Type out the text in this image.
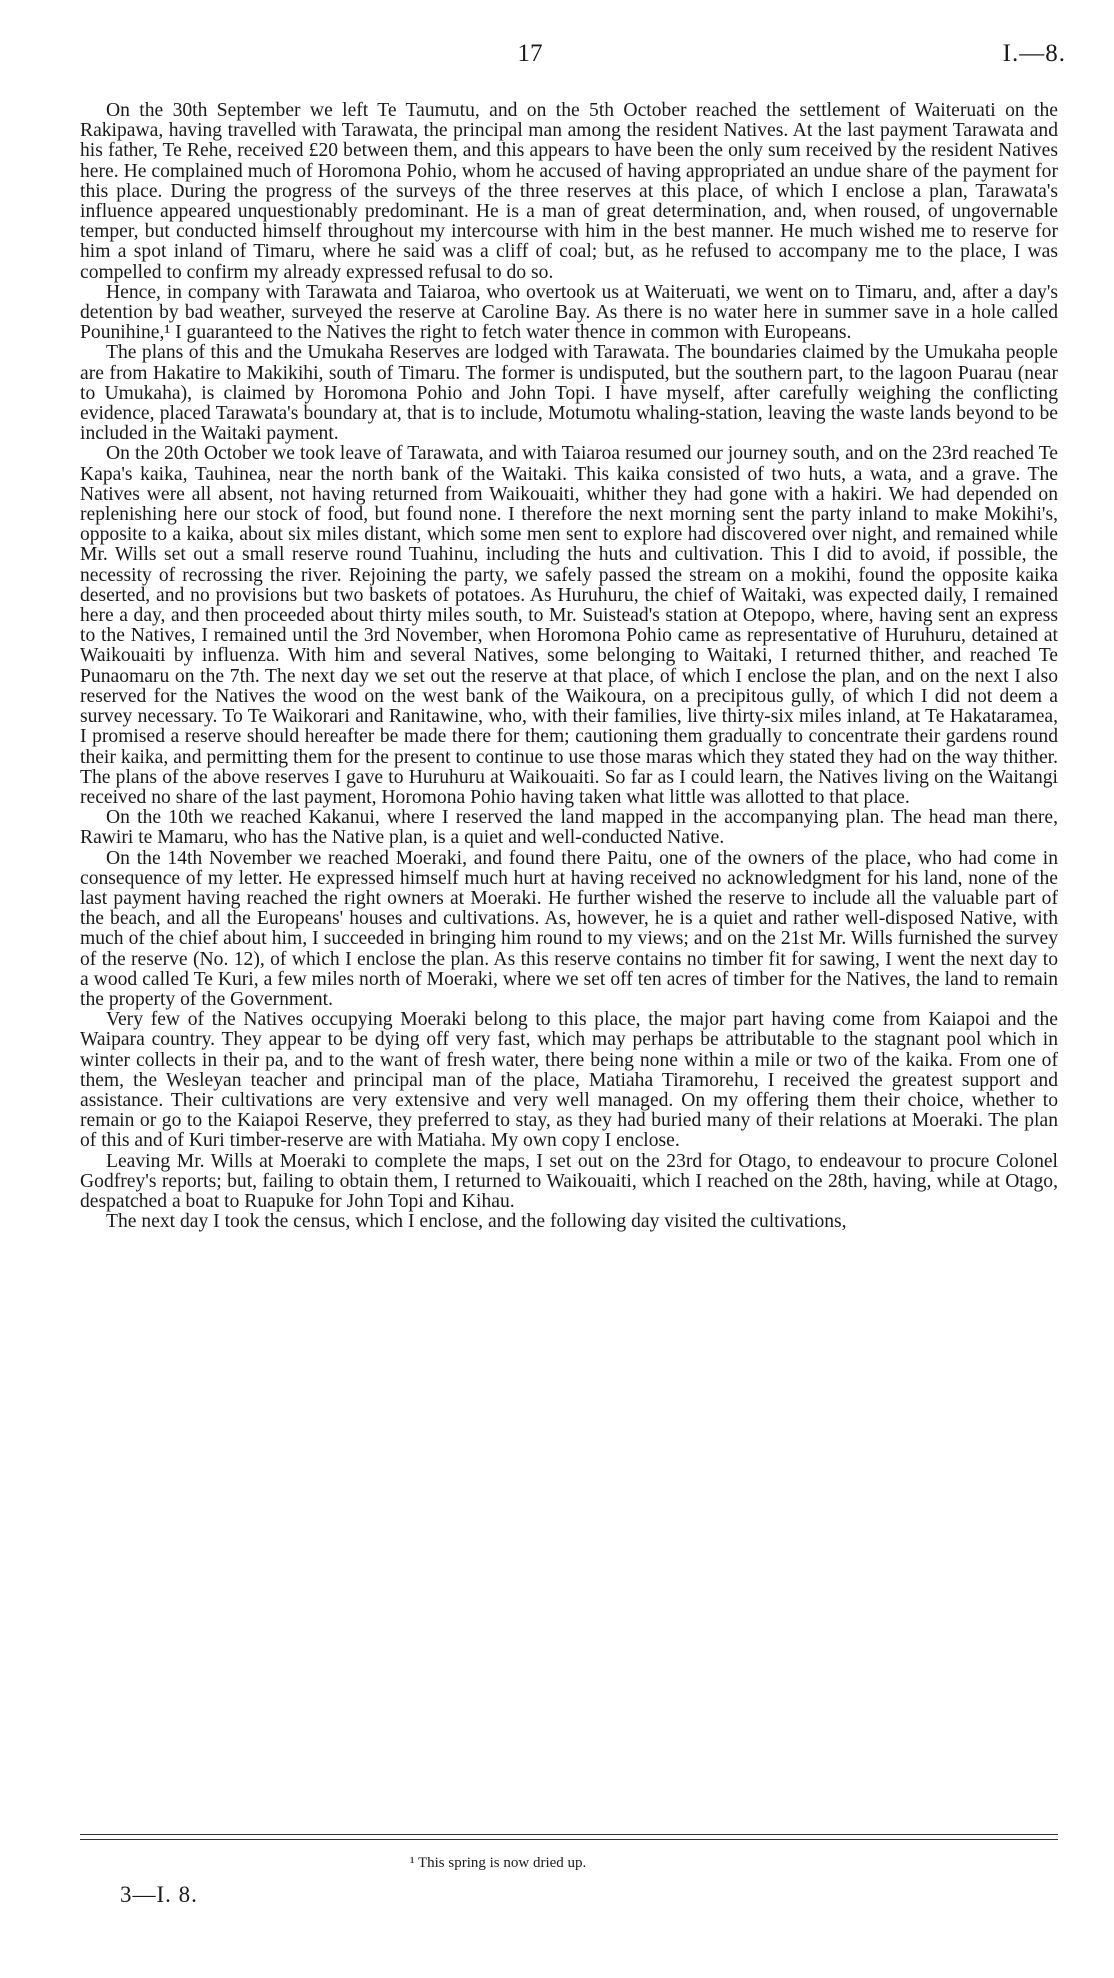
17	I.—8.

On the 30th September we left Te Taumutu, and on the 5th October reached the settlement of Waiteruati on the Rakipawa, having travelled with Tarawata, the principal man among the resident Natives. At the last payment Tarawata and his father, Te Rehe, received £20 between them, and this appears to have been the only sum received by the resident Natives here. He complained much of Horomona Pohio, whom he accused of having appropriated an undue share of the payment for this place. During the progress of the surveys of the three reserves at this place, of which I enclose a plan, Tarawata's influence appeared unquestionably predominant. He is a man of great determination, and, when roused, of ungovernable temper, but conducted himself throughout my intercourse with him in the best manner. He much wished me to reserve for him a spot inland of Timaru, where he said was a cliff of coal; but, as he refused to accompany me to the place, I was compelled to confirm my already expressed refusal to do so.

Hence, in company with Tarawata and Taiaroa, who overtook us at Waiteruati, we went on to Timaru, and, after a day's detention by bad weather, surveyed the reserve at Caroline Bay. As there is no water here in summer save in a hole called Pounihine,¹ I guaranteed to the Natives the right to fetch water thence in common with Europeans.

The plans of this and the Umukaha Reserves are lodged with Tarawata. The boundaries claimed by the Umukaha people are from Hakatire to Makikihi, south of Timaru. The former is undisputed, but the southern part, to the lagoon Puarau (near to Umukaha), is claimed by Horomona Pohio and John Topi. I have myself, after carefully weighing the conflicting evidence, placed Tarawata's boundary at, that is to include, Motumotu whaling-station, leaving the waste lands beyond to be included in the Waitaki payment.

On the 20th October we took leave of Tarawata, and with Taiaroa resumed our journey south, and on the 23rd reached Te Kapa's kaika, Tauhinea, near the north bank of the Waitaki. This kaika consisted of two huts, a wata, and a grave. The Natives were all absent, not having returned from Waikouaiti, whither they had gone with a hakiri. We had depended on replenishing here our stock of food, but found none. I therefore the next morning sent the party inland to make Mokihi's, opposite to a kaika, about six miles distant, which some men sent to explore had discovered over night, and remained while Mr. Wills set out a small reserve round Tuahinu, including the huts and cultivation. This I did to avoid, if possible, the necessity of recrossing the river. Rejoining the party, we safely passed the stream on a mokihi, found the opposite kaika deserted, and no provisions but two baskets of potatoes. As Huruhuru, the chief of Waitaki, was expected daily, I remained here a day, and then proceeded about thirty miles south, to Mr. Suistead's station at Otepopo, where, having sent an express to the Natives, I remained until the 3rd November, when Horomona Pohio came as representative of Huruhuru, detained at Waikouaiti by influenza. With him and several Natives, some belonging to Waitaki, I returned thither, and reached Te Punaomaru on the 7th. The next day we set out the reserve at that place, of which I enclose the plan, and on the next I also reserved for the Natives the wood on the west bank of the Waikoura, on a precipitous gully, of which I did not deem a survey necessary. To Te Waikorari and Ranitawine, who, with their families, live thirty-six miles inland, at Te Hakataramea, I promised a reserve should hereafter be made there for them; cautioning them gradually to concentrate their gardens round their kaika, and permitting them for the present to continue to use those maras which they stated they had on the way thither. The plans of the above reserves I gave to Huruhuru at Waikouaiti. So far as I could learn, the Natives living on the Waitangi received no share of the last payment, Horomona Pohio having taken what little was allotted to that place.

On the 10th we reached Kakanui, where I reserved the land mapped in the accompanying plan. The head man there, Rawiri te Mamaru, who has the Native plan, is a quiet and well-conducted Native.

On the 14th November we reached Moeraki, and found there Paitu, one of the owners of the place, who had come in consequence of my letter. He expressed himself much hurt at having received no acknowledgment for his land, none of the last payment having reached the right owners at Moeraki. He further wished the reserve to include all the valuable part of the beach, and all the Europeans' houses and cultivations. As, however, he is a quiet and rather well-disposed Native, with much of the chief about him, I succeeded in bringing him round to my views; and on the 21st Mr. Wills furnished the survey of the reserve (No. 12), of which I enclose the plan. As this reserve contains no timber fit for sawing, I went the next day to a wood called Te Kuri, a few miles north of Moeraki, where we set off ten acres of timber for the Natives, the land to remain the property of the Government.

Very few of the Natives occupying Moeraki belong to this place, the major part having come from Kaiapoi and the Waipara country. They appear to be dying off very fast, which may perhaps be attributable to the stagnant pool which in winter collects in their pa, and to the want of fresh water, there being none within a mile or two of the kaika. From one of them, the Wesleyan teacher and principal man of the place, Matiaha Tiramorehu, I received the greatest support and assistance. Their cultivations are very extensive and very well managed. On my offering them their choice, whether to remain or go to the Kaiapoi Reserve, they preferred to stay, as they had buried many of their relations at Moeraki. The plan of this and of Kuri timber-reserve are with Matiaha. My own copy I enclose.

Leaving Mr. Wills at Moeraki to complete the maps, I set out on the 23rd for Otago, to endeavour to procure Colonel Godfrey's reports; but, failing to obtain them, I returned to Waikouaiti, which I reached on the 28th, having, while at Otago, despatched a boat to Ruapuke for John Topi and Kihau.

The next day I took the census, which I enclose, and the following day visited the cultivations,

¹ This spring is now dried up.
3—I. 8.
